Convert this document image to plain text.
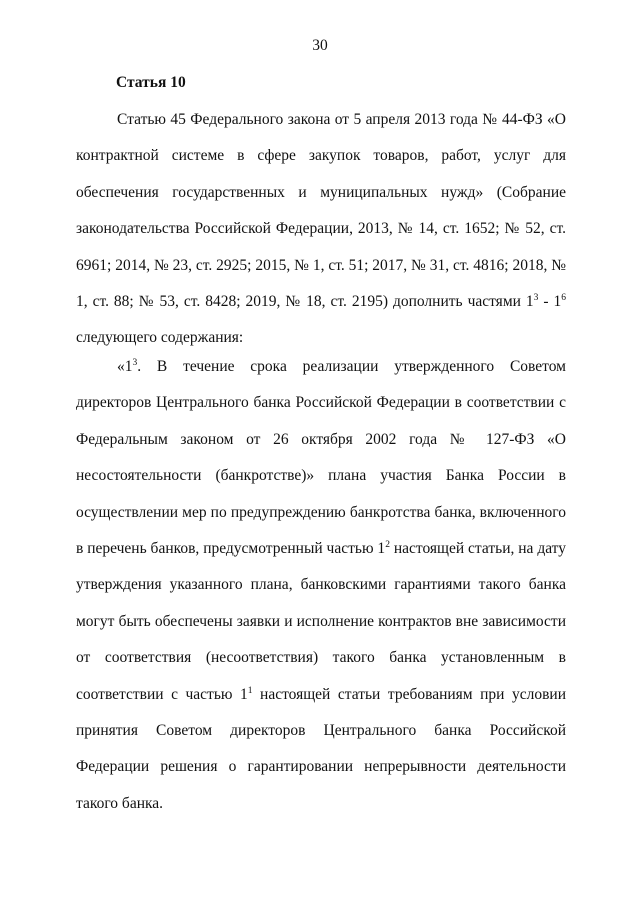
30
Статья 10

Статью 45 Федерального закона от 5 апреля 2013 года № 44-ФЗ «О контрактной системе в сфере закупок товаров, работ, услуг для обеспечения государственных и муниципальных нужд» (Собрание законодательства Российской Федерации, 2013, № 14, ст. 1652; № 52, ст. 6961; 2014, № 23, ст. 2925; 2015, № 1, ст. 51; 2017, № 31, ст. 4816; 2018, № 1, ст. 88; № 53, ст. 8428; 2019, № 18, ст. 2195) дополнить частями $1^3 - 1^6$ следующего содержания:

«$1^3$. В течение срока реализации утвержденного Советом директоров Центрального банка Российской Федерации в соответствии с Федеральным законом от 26 октября 2002 года № 127-ФЗ «О несостоятельности (банкротстве)» плана участия Банка России в осуществлении мер по предупреждению банкротства банка, включенного в перечень банков, предусмотренный частью $1^2$ настоящей статьи, на дату утверждения указанного плана, банковскими гарантиями такого банка могут быть обеспечены заявки и исполнение контрактов вне зависимости от соответствия (несоответствия) такого банка установленным в соответствии с частью $1^1$ настоящей статьи требованиям при условии принятия Советом директоров Центрального банка Российской Федерации решения о гарантировании непрерывности деятельности такого банка.
